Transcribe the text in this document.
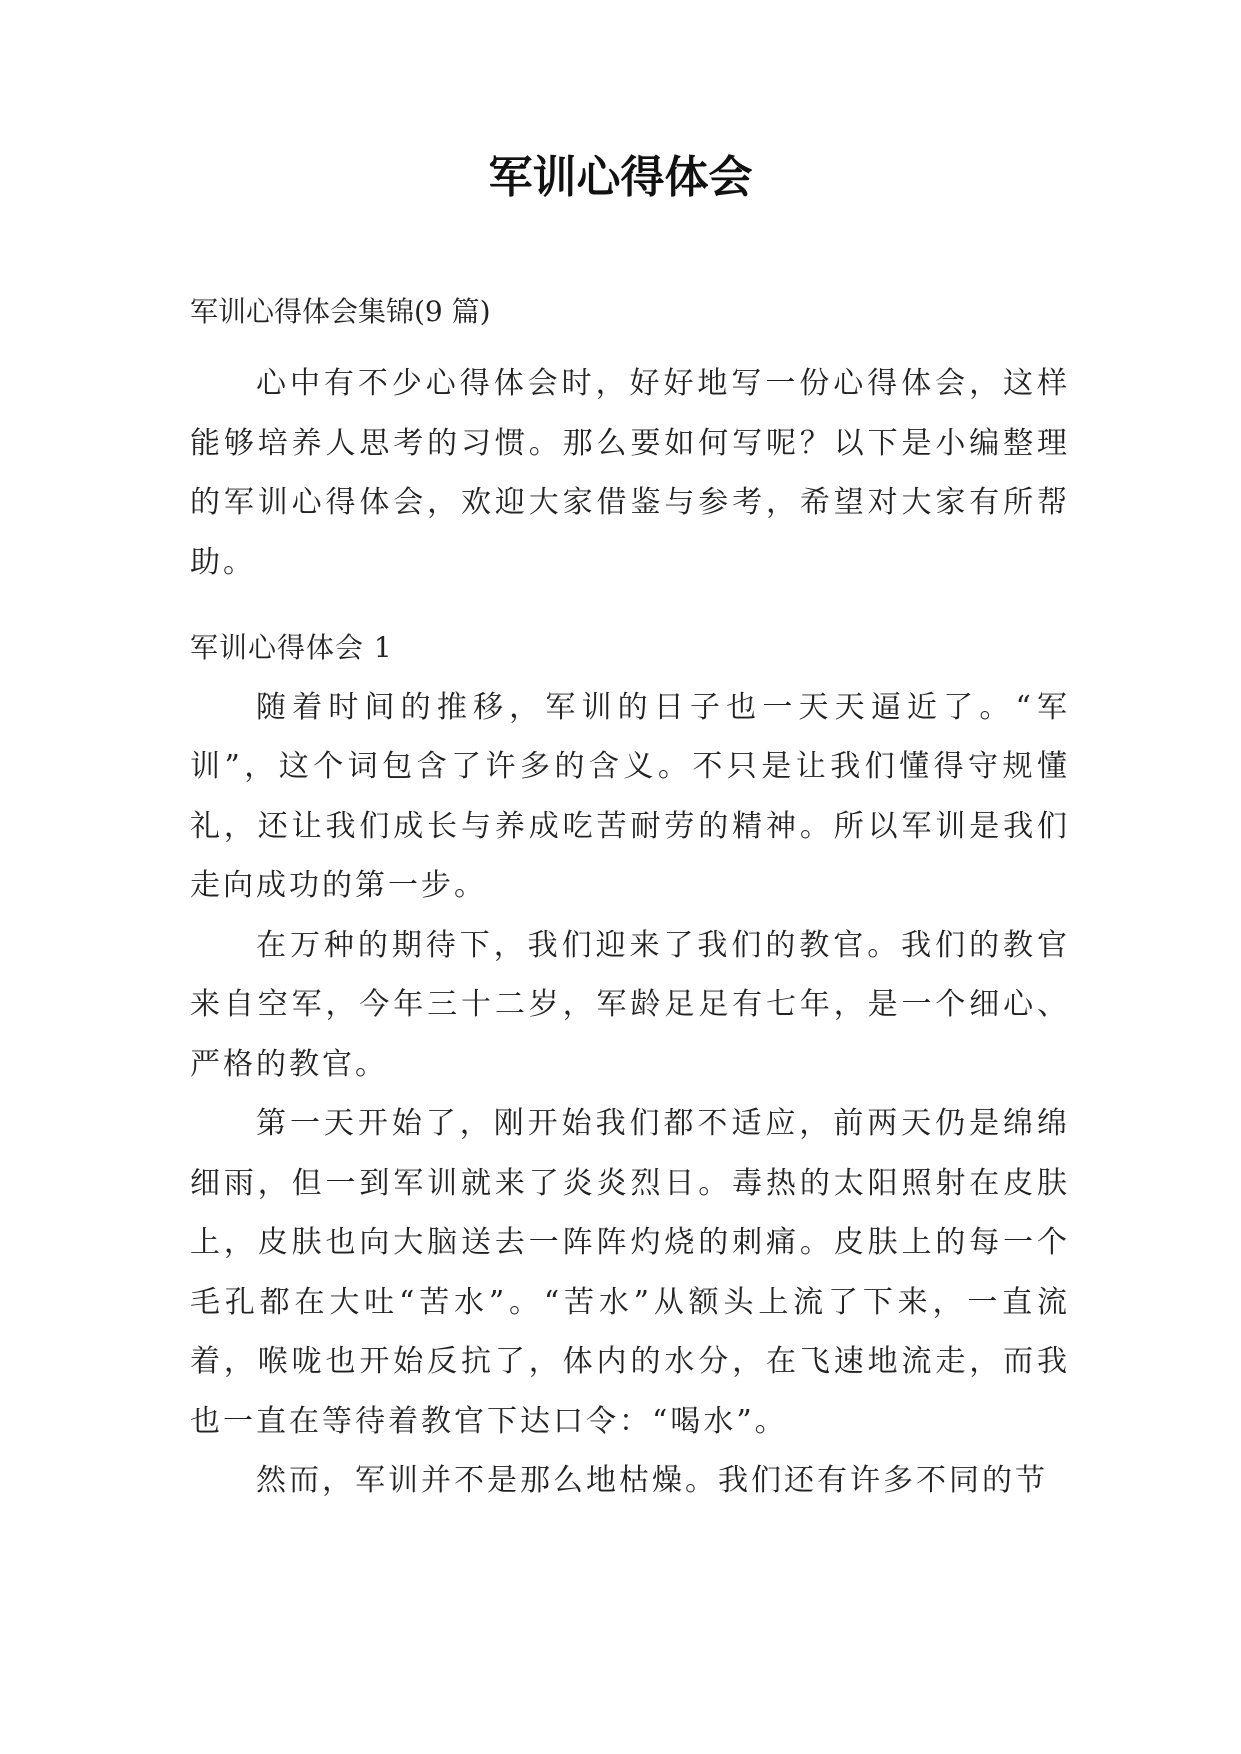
军训心得体会

军训心得体会集锦(9 篇)

心中有不少心得体会时，好好地写一份心得体会，这样能够培养人思考的习惯。那么要如何写呢？以下是小编整理的军训心得体会，欢迎大家借鉴与参考，希望对大家有所帮助。

军训心得体会 1

随着时间的推移，军训的日子也一天天逼近了。“军训”，这个词包含了许多的含义。不只是让我们懂得守规懂礼，还让我们成长与养成吃苦耐劳的精神。所以军训是我们走向成功的第一步。

在万种的期待下，我们迎来了我们的教官。我们的教官来自空军，今年三十二岁，军龄足足有七年，是一个细心、严格的教官。

第一天开始了，刚开始我们都不适应，前两天仍是绵绵细雨，但一到军训就来了炎炎烈日。毒热的太阳照射在皮肤上，皮肤也向大脑送去一阵阵灼烧的刺痛。皮肤上的每一个毛孔都在大吐“苦水”。“苦水”从额头上流了下来，一直流着，喉咙也开始反抗了，体内的水分，在飞速地流走，而我也一直在等待着教官下达口令：“喝水”。

然而，军训并不是那么地枯燥。我们还有许多不同的节
